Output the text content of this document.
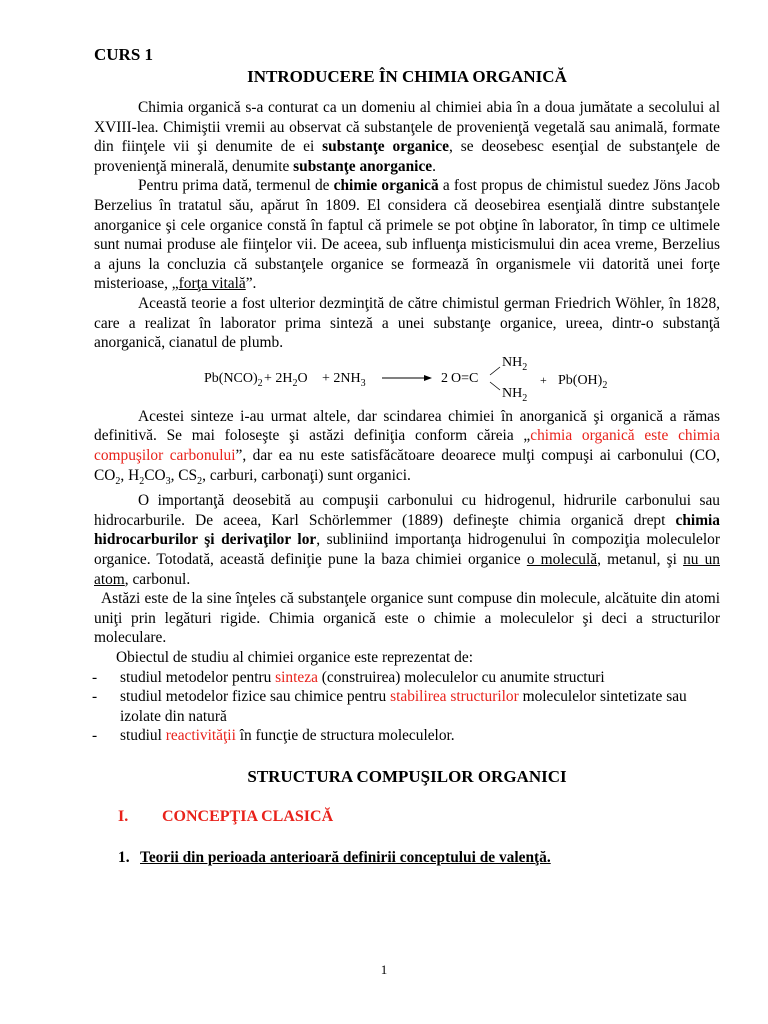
CURS 1

INTRODUCERE ÎN CHIMIA ORGANICĂ

Chimia organică s-a conturat ca un domeniu al chimiei abia în a doua jumătate a secolului al XVIII-lea. Chimiştii vremii au observat că substanţele de provenienţă vegetală sau animală, formate din fiinţele vii şi denumite de ei substanţe organice, se deosebesc esenţial de substanţele de provenienţă minerală, denumite substanţe anorganice.

Pentru prima dată, termenul de chimie organică a fost propus de chimistul suedez Jöns Jacob Berzelius în tratatul său, apărut în 1809. El considera că deosebirea esenţială dintre substanţele anorganice şi cele organice constă în faptul că primele se pot obţine în laborator, în timp ce ultimele sunt numai produse ale fiinţelor vii. De aceea, sub influenţa misticismului din acea vreme, Berzelius a ajuns la concluzia că substanţele organice se formează în organismele vii datorită unei forţe misterioase, „forţa vitală”.

Această teorie a fost ulterior dezminţită de către chimistul german Friedrich Wöhler, în 1828, care a realizat în laborator prima sinteză a unei substanţe organice, ureea, dintr-o substanţă anorganică, cianatul de plumb.

$Pb(NCO)_2 + 2H_2O + 2NH_3$	2 O=C
$NH_2$
$NH_2$
+ $Pb(OH)_2$

Acestei sinteze i-au urmat altele, dar scindarea chimiei în anorganică şi organică a rămas definitivă. Se mai foloseşte şi astăzi definiţia conform căreia „chimia organică este chimia compuşilor carbonului”, dar ea nu este satisfăcătoare deoarece mulţi compuşi ai carbonului (CO, $CO_2$, $H_2CO_3$, $CS_2$, carburi, carbonaţi) sunt organici.

O importanţă deosebită au compuşii carbonului cu hidrogenul, hidrurile carbonului sau hidrocarburile. De aceea, Karl Schörlemmer (1889) defineşte chimia organică drept chimia hidrocarburilor şi derivaţilor lor, subliniind importanţa hidrogenului în compoziţia moleculelor organice. Totodată, această definiţie pune la baza chimiei organice o moleculă, metanul, şi nu un atom, carbonul.

Astăzi este de la sine înţeles că substanţele organice sunt compuse din molecule, alcătuite din atomi uniţi prin legături rigide. Chimia organică este o chimie a moleculelor şi deci a structurilor moleculare.

Obiectul de studiu al chimiei organice este reprezentat de:

- studiul metodelor pentru sinteza (construirea) moleculelor cu anumite structuri
- studiul metodelor fizice sau chimice pentru stabilirea structurilor moleculelor sintetizate sau izolate din natură
- studiul reactivităţii în funcţie de structura moleculelor.

STRUCTURA COMPUŞILOR ORGANICI

I. CONCEPŢIA CLASICĂ

1. Teorii din perioada anterioară definirii conceptului de valenţă.

1
